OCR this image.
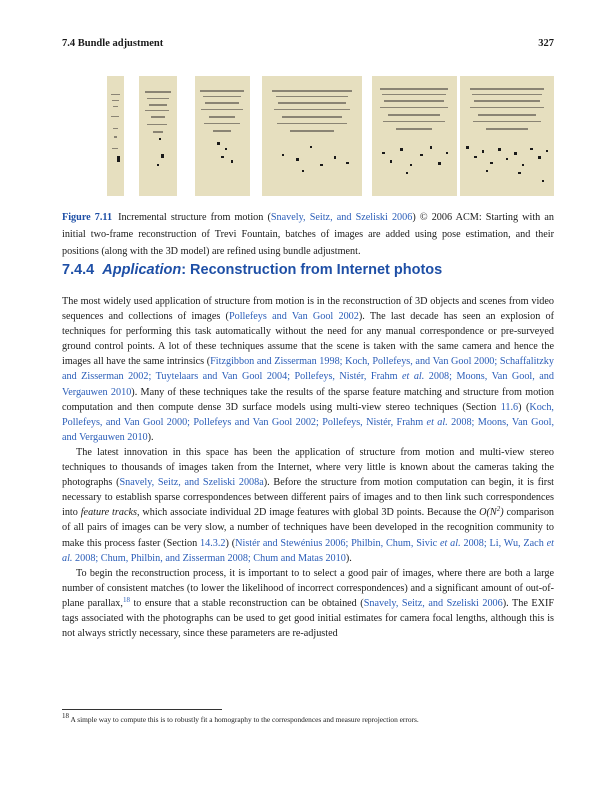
7.4 Bundle adjustment	327
Figure 7.11 Incremental structure from motion (Snavely, Seitz, and Szeliski 2006) © 2006 ACM: Starting with an initial two-frame reconstruction of Trevi Fountain, batches of images are added using pose estimation, and their positions (along with the 3D model) are refined using bundle adjustment.
7.4.4 Application: Reconstruction from Internet photos

The most widely used application of structure from motion is in the reconstruction of 3D objects and scenes from video sequences and collections of images (Pollefeys and Van Gool 2002). The last decade has seen an explosion of techniques for performing this task automatically without the need for any manual correspondence or pre-surveyed ground control points. A lot of these techniques assume that the scene is taken with the same camera and hence the images all have the same intrinsics (Fitzgibbon and Zisserman 1998; Koch, Pollefeys, and Van Gool 2000; Schaffalitzky and Zisserman 2002; Tuytelaars and Van Gool 2004; Pollefeys, Nistér, Frahm et al. 2008; Moons, Van Gool, and Vergauwen 2010). Many of these techniques take the results of the sparse feature matching and structure from motion computation and then compute dense 3D surface models using multi-view stereo techniques (Section 11.6) (Koch, Pollefeys, and Van Gool 2000; Pollefeys and Van Gool 2002; Pollefeys, Nistér, Frahm et al. 2008; Moons, Van Gool, and Vergauwen 2010).

The latest innovation in this space has been the application of structure from motion and multi-view stereo techniques to thousands of images taken from the Internet, where very little is known about the cameras taking the photographs (Snavely, Seitz, and Szeliski 2008a). Before the structure from motion computation can begin, it is first necessary to establish sparse correspondences between different pairs of images and to then link such correspondences into feature tracks, which associate individual 2D image features with global 3D points. Because the $O(N^2)$ comparison of all pairs of images can be very slow, a number of techniques have been developed in the recognition community to make this process faster (Section 14.3.2) (Nistér and Stewénius 2006; Philbin, Chum, Sivic et al. 2008; Li, Wu, Zach et al. 2008; Chum, Philbin, and Zisserman 2008; Chum and Matas 2010).

To begin the reconstruction process, it is important to to select a good pair of images, where there are both a large number of consistent matches (to lower the likelihood of incorrect correspondences) and a significant amount of out-of-plane parallax,$^{18}$ to ensure that a stable reconstruction can be obtained (Snavely, Seitz, and Szeliski 2006). The EXIF tags associated with the photographs can be used to get good initial estimates for camera focal lengths, although this is not always strictly necessary, since these parameters are re-adjusted

$^{18}$ A simple way to compute this is to robustly fit a homography to the correspondences and measure reprojection errors.
